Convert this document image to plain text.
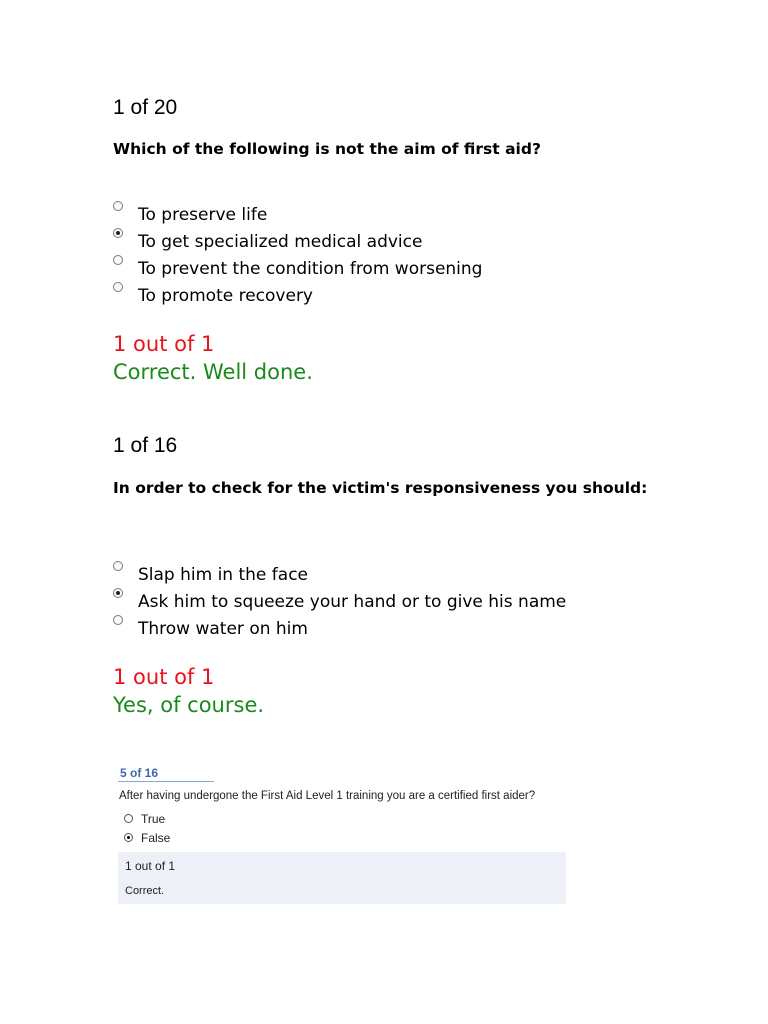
1 of 20
Which of the following is not the aim of first aid?
To preserve life
To get specialized medical advice
To prevent the condition from worsening
To promote recovery
1 out of 1
Correct. Well done.
1 of 16
In order to check for the victim's responsiveness you should:
Slap him in the face
Ask him to squeeze your hand or to give his name
Throw water on him
1 out of 1
Yes, of course.
5 of 16
After having undergone the First Aid Level 1 training you are a certified first aider?
True
False
1 out of 1
Correct.
